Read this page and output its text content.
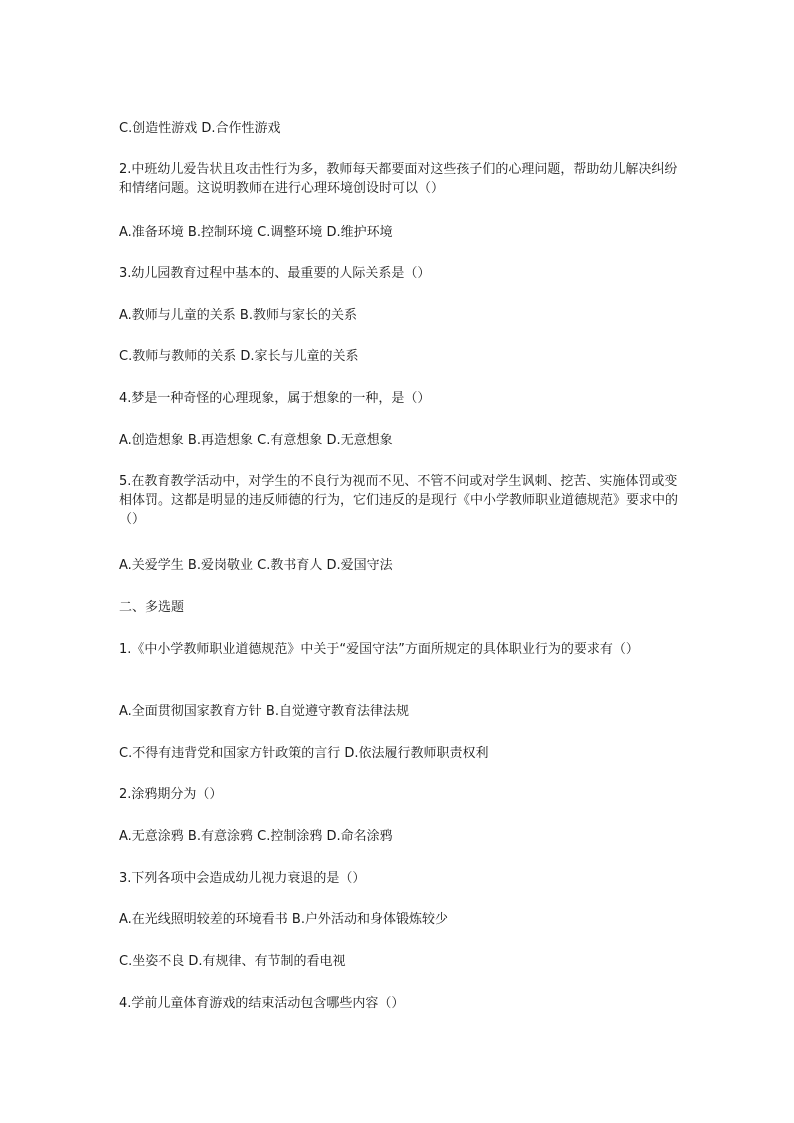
C.创造性游戏 D.合作性游戏
2.中班幼儿爱告状且攻击性行为多，教师每天都要面对这些孩子们的心理问题，帮助幼儿解决纠纷和情绪问题。这说明教师在进行心理环境创设时可以（）
A.准备环境 B.控制环境 C.调整环境 D.维护环境
3.幼儿园教育过程中基本的、最重要的人际关系是（）
A.教师与儿童的关系 B.教师与家长的关系
C.教师与教师的关系 D.家长与儿童的关系
4.梦是一种奇怪的心理现象，属于想象的一种，是（）
A.创造想象 B.再造想象 C.有意想象 D.无意想象
5.在教育教学活动中，对学生的不良行为视而不见、不管不问或对学生讽刺、挖苦、实施体罚或变相体罚。这都是明显的违反师德的行为，它们违反的是现行《中小学教师职业道德规范》要求中的（）
A.关爱学生 B.爱岗敬业 C.教书育人 D.爱国守法
二、多选题
1.《中小学教师职业道德规范》中关于“爱国守法”方面所规定的具体职业行为的要求有（）
A.全面贯彻国家教育方针 B.自觉遵守教育法律法规
C.不得有违背党和国家方针政策的言行 D.依法履行教师职责权利
2.涂鸦期分为（）
A.无意涂鸦 B.有意涂鸦 C.控制涂鸦 D.命名涂鸦
3.下列各项中会造成幼儿视力衰退的是（）
A.在光线照明较差的环境看书 B.户外活动和身体锻炼较少
C.坐姿不良 D.有规律、有节制的看电视
4.学前儿童体育游戏的结束活动包含哪些内容（）
